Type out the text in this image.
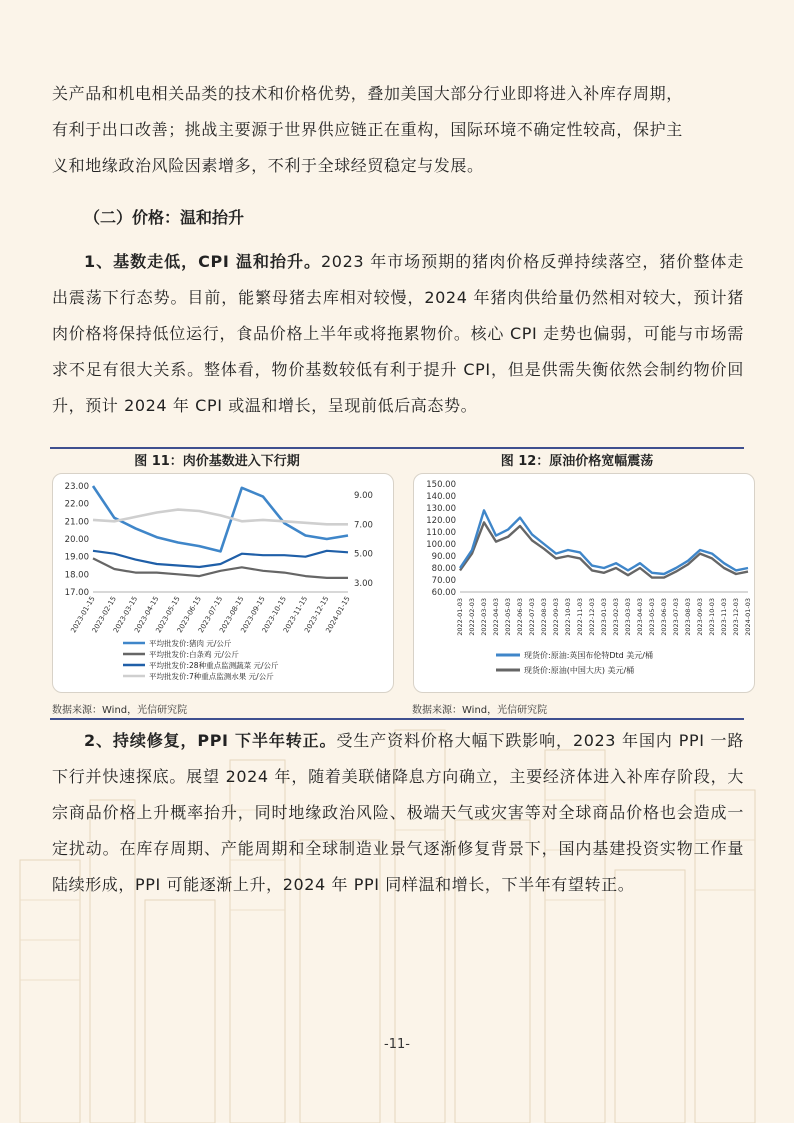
关产品和机电相关品类的技术和价格优势，叠加美国大部分行业即将进入补库存周期，
有利于出口改善；挑战主要源于世界供应链正在重构，国际环境不确定性较高，保护主
义和地缘政治风险因素增多，不利于全球经贸稳定与发展。

（二）价格：温和抬升

1、基数走低，CPI 温和抬升。2023 年市场预期的猪肉价格反弹持续落空，猪价整体走出震荡下行态势。目前，能繁母猪去库相对较慢，2024 年猪肉供给量仍然相对较大，预计猪肉价格将保持低位运行，食品价格上半年或将拖累物价。核心 CPI 走势也偏弱，可能与市场需求不足有很大关系。整体看，物价基数较低有利于提升 CPI，但是供需失衡依然会制约物价回升，预计 2024 年 CPI 或温和增长，呈现前低后高态势。

图 11：肉价基数进入下行期	图 12：原油价格宽幅震荡
23.00
22.00
21.00
20.00
19.00
18.00
17.00
9.00
7.00
5.00
3.00
2023-01-15
2023-02-15
2023-03-15
2023-04-15
2023-05-15
2023-06-15
2023-07-15
2023-08-15
2023-09-15
2023-10-15
2023-11-15
2023-12-15
2024-01-15
平均批发价:猪肉 元/公斤
平均批发价:白条鸡 元/公斤
平均批发价:28种重点监测蔬菜 元/公斤
平均批发价:7种重点监测水果 元/公斤
150.00
140.00
130.00
120.00
110.00
100.00
90.00
80.00
70.00
60.00
2022-01-03 2022-02-03 2022-03-03 2022-04-03 2022-05-03 2022-06-03 2022-07-03 2022-08-03 2022-09-03 2022-10-03 2022-11-03 2022-12-03 2023-01-03 2023-02-03 2023-03-03 2023-04-03 2023-05-03 2023-06-03 2023-07-03 2023-08-03 2023-09-03 2023-10-03 2023-11-03 2023-12-03 2024-01-03
现货价:原油:英国布伦特Dtd 美元/桶
现货价:原油(中国大庆) 美元/桶
数据来源：Wind，光信研究院	数据来源：Wind，光信研究院

2、持续修复，PPI 下半年转正。受生产资料价格大幅下跌影响，2023 年国内 PPI 一路下行并快速探底。展望 2024 年，随着美联储降息方向确立，主要经济体进入补库存阶段，大宗商品价格上升概率抬升，同时地缘政治风险、极端天气或灾害等对全球商品价格也会造成一定扰动。在库存周期、产能周期和全球制造业景气逐渐修复背景下，国内基建投资实物工作量陆续形成，PPI 可能逐渐上升，2024 年 PPI 同样温和增长，下半年有望转正。

-11-
